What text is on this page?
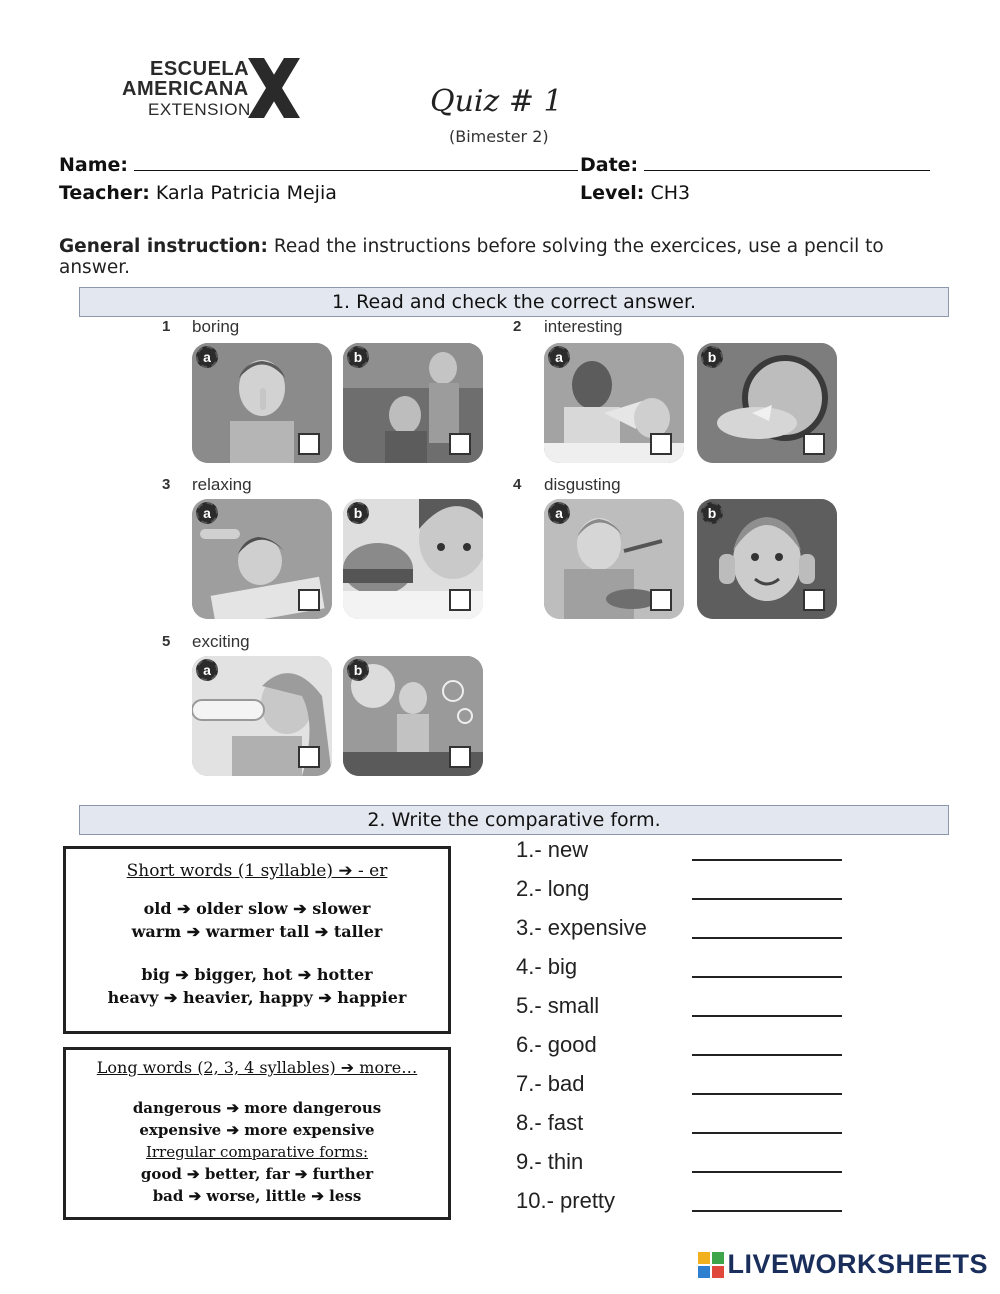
ESCUELA
AMERICANA
EXTENSION	Quiz # 1
(Bimester 2)
Name:	Date:
Teacher: Karla Patricia Mejia	Level: CH3
General instruction: Read the instructions before solving the exercices, use a pencil to answer.
1. Read and check the correct answer.
1 boring
a	b
2 interesting
a	b
3 relaxing
a	b
4 disgusting
a	b
5 exciting
a	b
2. Write the comparative form.
Short words (1 syllable) ➔ - er
old ➔ older slow ➔ slower
warm ➔ warmer tall ➔ taller
big ➔ bigger, hot ➔ hotter
heavy ➔ heavier, happy ➔ happier
Long words (2, 3, 4 syllables) ➔ more…
dangerous ➔ more dangerous
expensive ➔ more expensive
Irregular comparative forms:
good ➔ better, far ➔ further
bad ➔ worse, little ➔ less
1.- new
2.- long
3.- expensive
4.- big
5.- small
6.- good
7.- bad
8.- fast
9.- thin
10.- pretty
LIVEWORKSHEETS
